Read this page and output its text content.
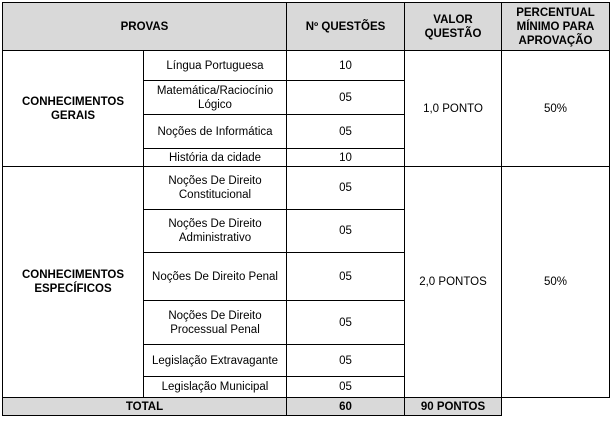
PROVAS		Nº QUESTÕES	VALOR QUESTÃO	PERCENTUAL MÍNIMO PARA APROVAÇÃO
CONHECIMENTOS GERAIS	Língua Portuguesa	10	1,0 PONTO	50%
	Matemática/Raciocínio Lógico	05		
	Noções de Informática	05		
	História da cidade	10		
CONHECIMENTOS ESPECÍFICOS	Noções De Direito Constitucional	05	2,0 PONTOS	50%
	Noções De Direito Administrativo	05		
	Noções De Direito Penal	05		
	Noções De Direito Processual Penal	05		
	Legislação Extravagante	05		
	Legislação Municipal	05		
TOTAL		60	90 PONTOS	
